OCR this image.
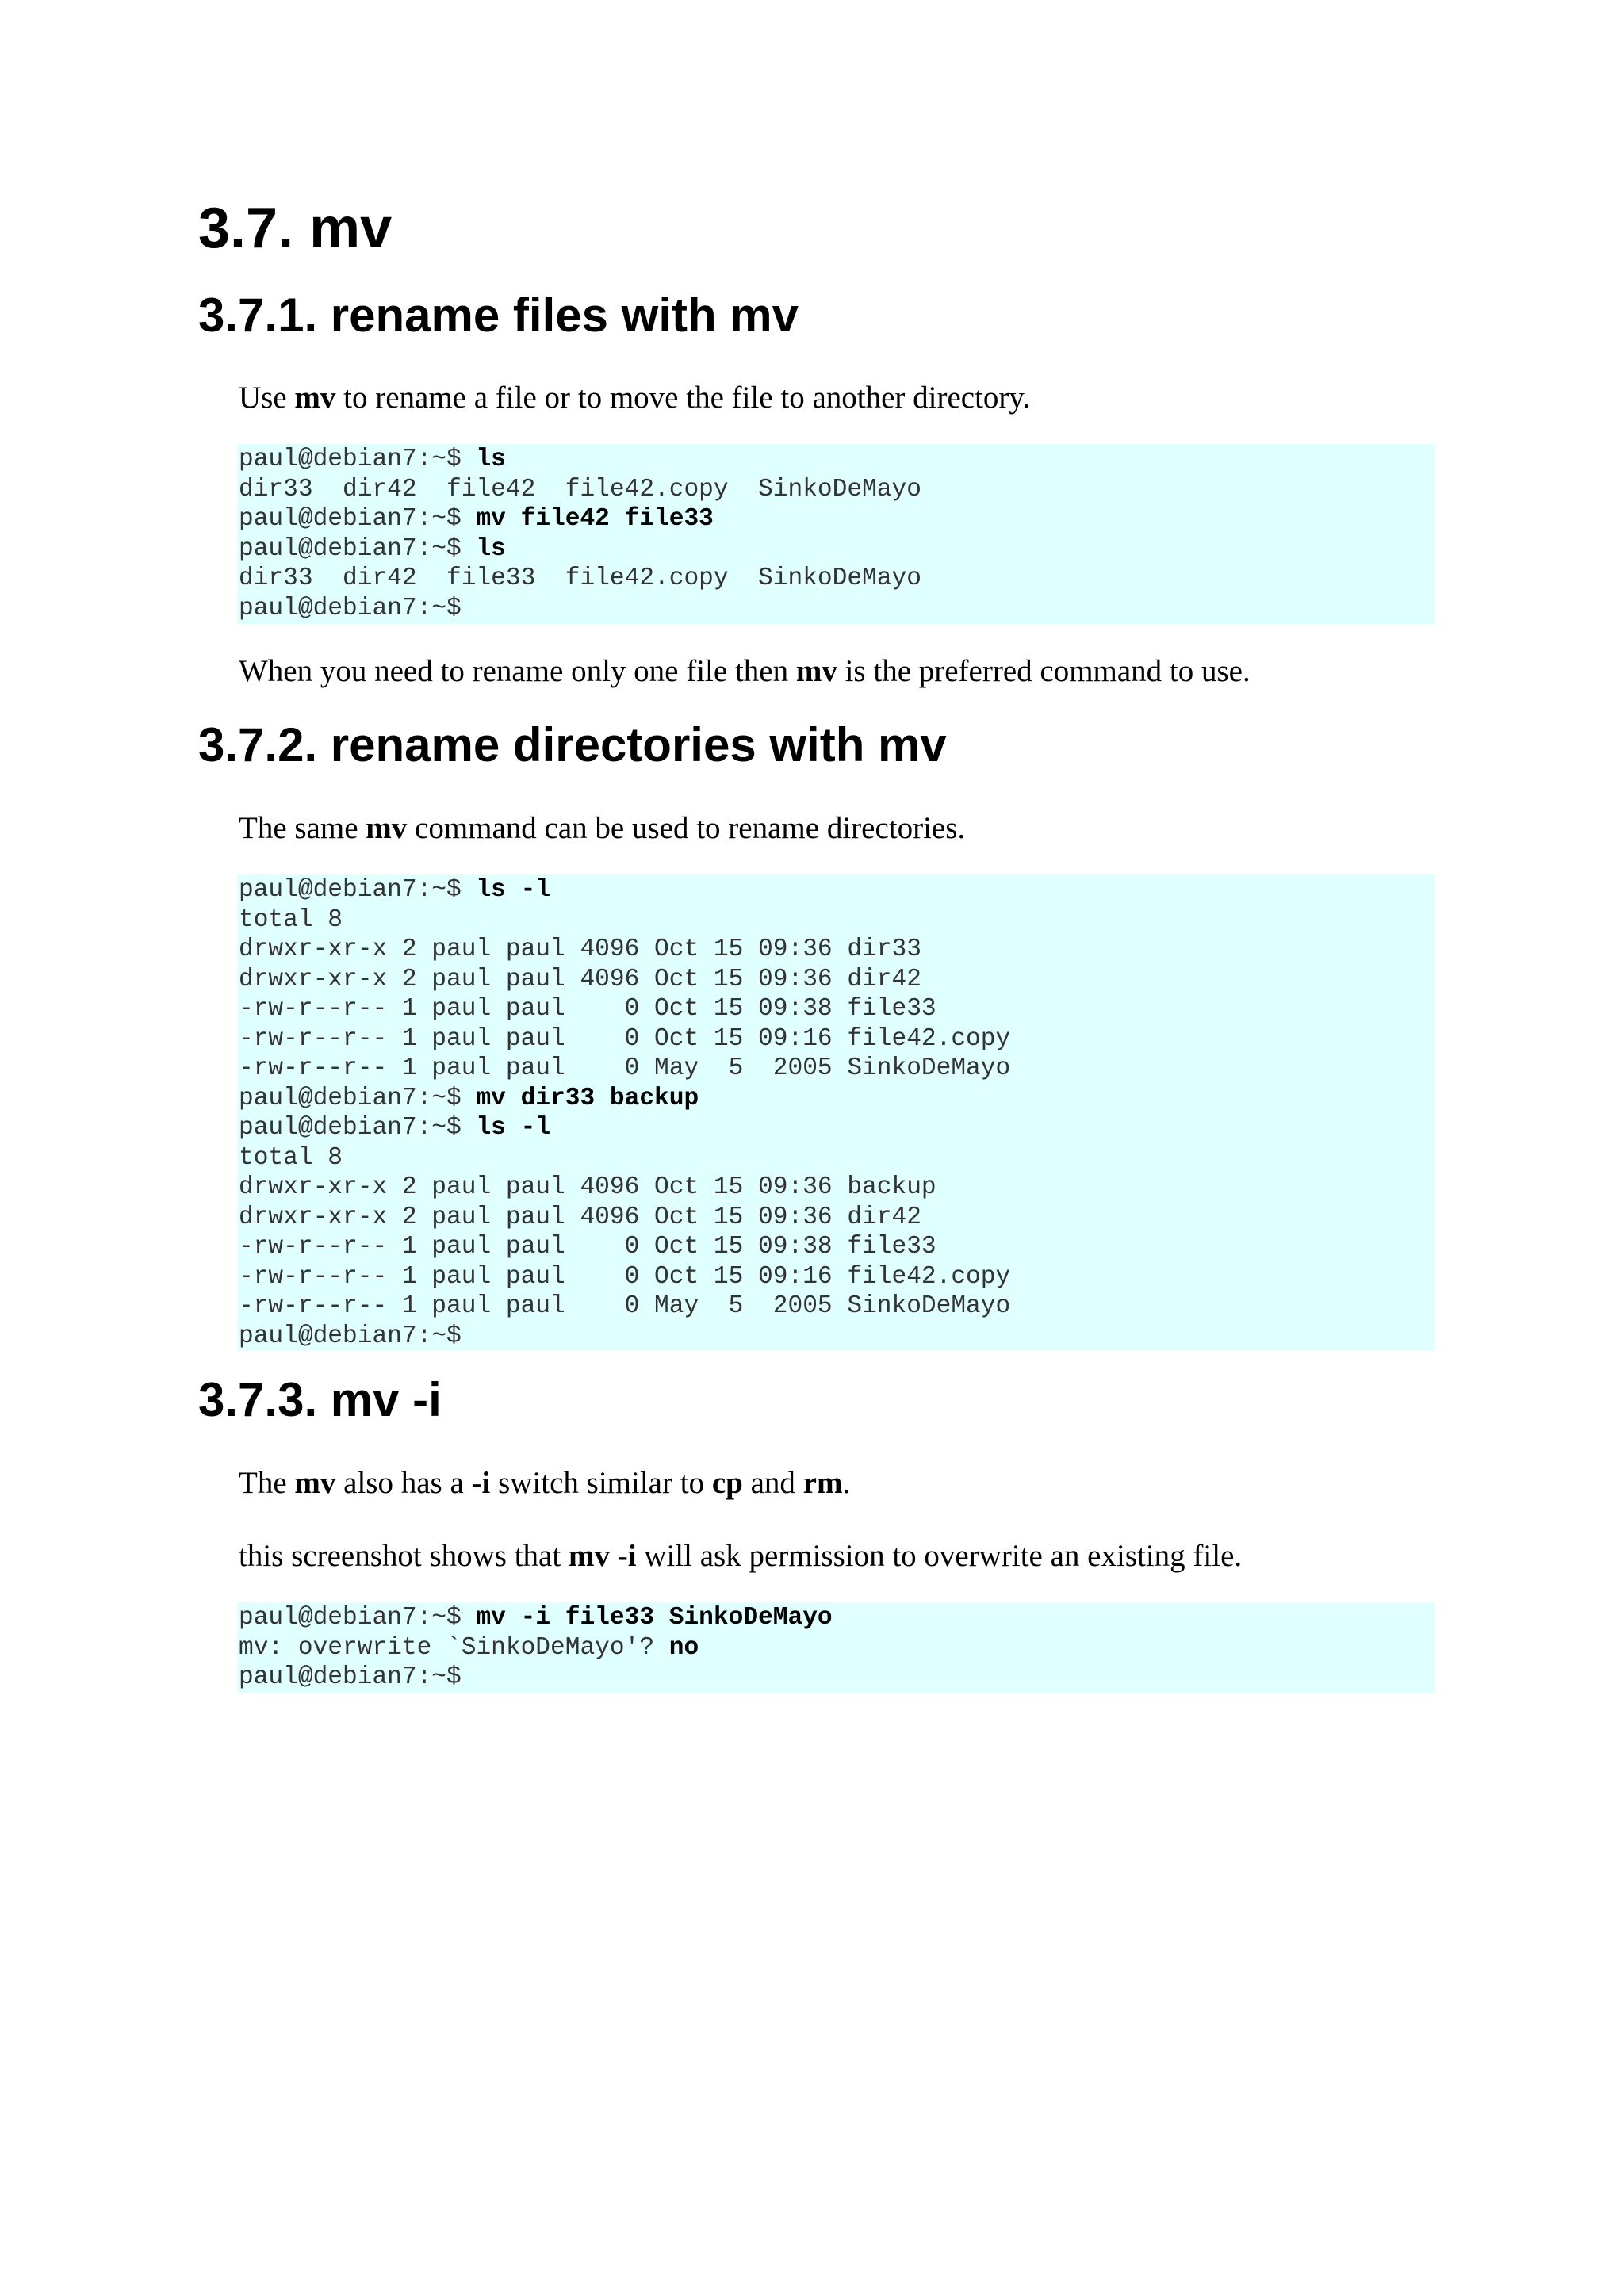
3.7. mv
3.7.1. rename files with mv

Use mv to rename a file or to move the file to another directory.

paul@debian7:~$ ls
dir33  dir42  file42  file42.copy  SinkoDeMayo
paul@debian7:~$ mv file42 file33
paul@debian7:~$ ls
dir33  dir42  file33  file42.copy  SinkoDeMayo
paul@debian7:~$

When you need to rename only one file then mv is the preferred command to use.

3.7.2. rename directories with mv

The same mv command can be used to rename directories.

paul@debian7:~$ ls -l
total 8
drwxr-xr-x 2 paul paul 4096 Oct 15 09:36 dir33
drwxr-xr-x 2 paul paul 4096 Oct 15 09:36 dir42
-rw-r--r-- 1 paul paul    0 Oct 15 09:38 file33
-rw-r--r-- 1 paul paul    0 Oct 15 09:16 file42.copy
-rw-r--r-- 1 paul paul    0 May  5  2005 SinkoDeMayo
paul@debian7:~$ mv dir33 backup
paul@debian7:~$ ls -l
total 8
drwxr-xr-x 2 paul paul 4096 Oct 15 09:36 backup
drwxr-xr-x 2 paul paul 4096 Oct 15 09:36 dir42
-rw-r--r-- 1 paul paul    0 Oct 15 09:38 file33
-rw-r--r-- 1 paul paul    0 Oct 15 09:16 file42.copy
-rw-r--r-- 1 paul paul    0 May  5  2005 SinkoDeMayo
paul@debian7:~$
3.7.3. mv -i

The mv also has a -i switch similar to cp and rm.

this screenshot shows that mv -i will ask permission to overwrite an existing file.

paul@debian7:~$ mv -i file33 SinkoDeMayo
mv: overwrite `SinkoDeMayo'? no
paul@debian7:~$
